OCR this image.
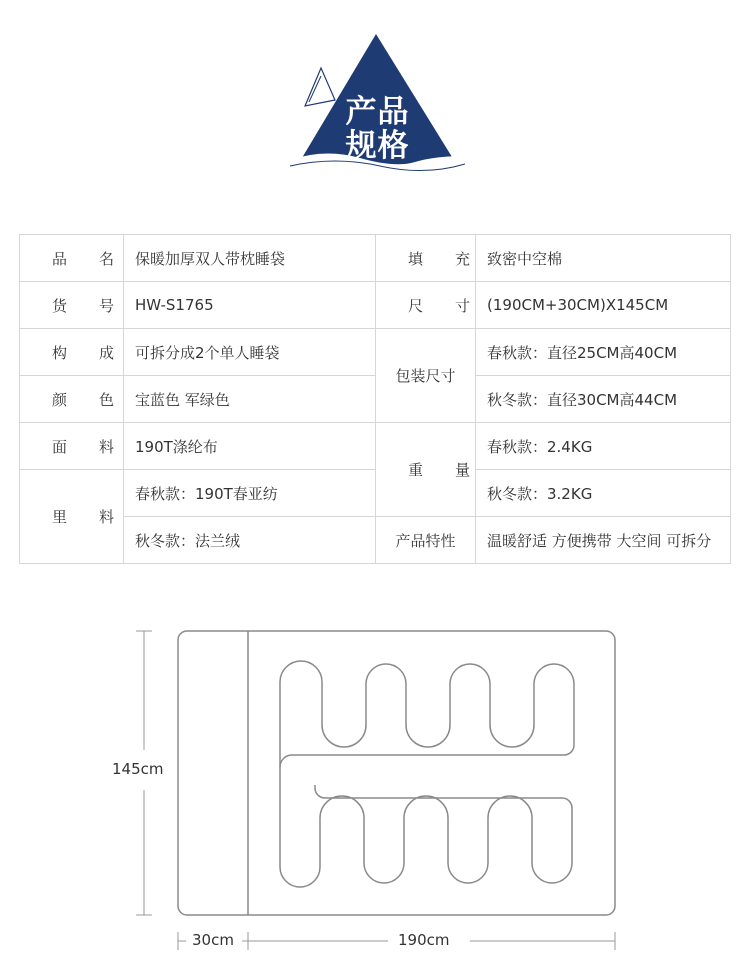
产品
规格
品名	保暖加厚双人带枕睡袋	填充	致密中空棉
货号	HW-S1765	尺寸	(190CM+30CM)X145CM
构成	可拆分成2个单人睡袋	包装尺寸	春秋款：直径25CM高40CM
颜色	宝蓝色 军绿色		秋冬款：直径30CM高44CM
面料	190T涤纶布	重量	春秋款：2.4KG
里料	春秋款：190T春亚纺		秋冬款：3.2KG
	秋冬款：法兰绒	产品特性	温暖舒适 方便携带 大空间 可拆分
145cm
30cm	190cm
